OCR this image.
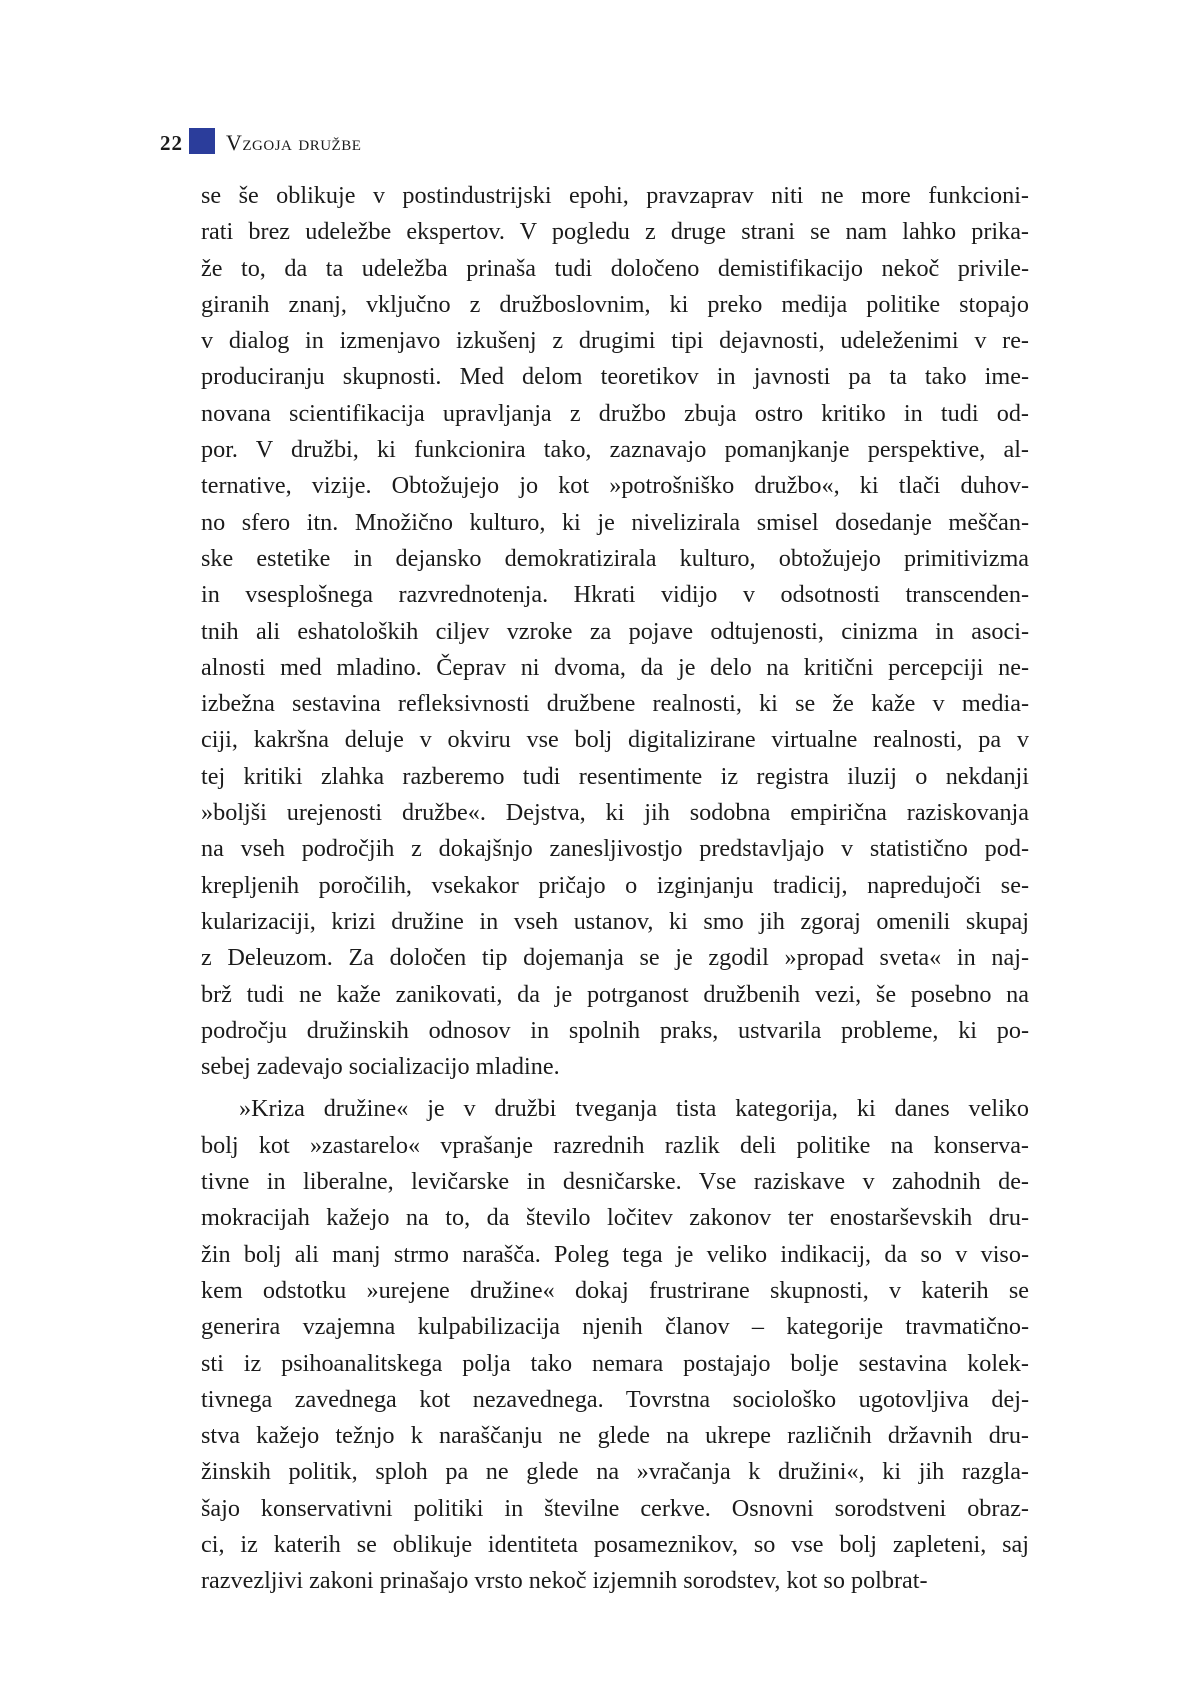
22 Vzgoja družbe

se še oblikuje v postindustrijski epohi, pravzaprav niti ne more funkcioni-
rati brez udeležbe ekspertov. V pogledu z druge strani se nam lahko prika-
že to, da ta udeležba prinaša tudi določeno demistifikacijo nekoč privile-
giranih znanj, vključno z družboslovnim, ki preko medija politike stopajo
v dialog in izmenjavo izkušenj z drugimi tipi dejavnosti, udeleženimi v re-
produciranju skupnosti. Med delom teoretikov in javnosti pa ta tako ime-
novana scientifikacija upravljanja z družbo zbuja ostro kritiko in tudi od-
por. V družbi, ki funkcionira tako, zaznavajo pomanjkanje perspektive, al-
ternative, vizije. Obtožujejo jo kot »potrošniško družbo«, ki tlači duhov-
no sfero itn. Množično kulturo, ki je nivelizirala smisel dosedanje meščan-
ske estetike in dejansko demokratizirala kulturo, obtožujejo primitivizma
in vsesplošnega razvrednotenja. Hkrati vidijo v odsotnosti transcenden-
tnih ali eshatoloških ciljev vzroke za pojave odtujenosti, cinizma in asoci-
alnosti med mladino. Čeprav ni dvoma, da je delo na kritični percepciji ne-
izbežna sestavina refleksivnosti družbene realnosti, ki se že kaže v media-
ciji, kakršna deluje v okviru vse bolj digitalizirane virtualne realnosti, pa v
tej kritiki zlahka razberemo tudi resentimente iz registra iluzij o nekdanji
»boljši urejenosti družbe«. Dejstva, ki jih sodobna empirična raziskovanja
na vseh področjih z dokajšnjo zanesljivostjo predstavljajo v statistično pod-
krepljenih poročilih, vsekakor pričajo o izginjanju tradicij, napredujoči se-
kularizaciji, krizi družine in vseh ustanov, ki smo jih zgoraj omenili skupaj
z Deleuzom. Za določen tip dojemanja se je zgodil »propad sveta« in naj-
brž tudi ne kaže zanikovati, da je potrganost družbenih vezi, še posebno na
področju družinskih odnosov in spolnih praks, ustvarila probleme, ki po-
sebej zadevajo socializacijo mladine.

»Kriza družine« je v družbi tveganja tista kategorija, ki danes veliko
bolj kot »zastarelo« vprašanje razrednih razlik deli politike na konserva-
tivne in liberalne, levičarske in desničarske. Vse raziskave v zahodnih de-
mokracijah kažejo na to, da število ločitev zakonov ter enostarševskih dru-
žin bolj ali manj strmo narašča. Poleg tega je veliko indikacij, da so v viso-
kem odstotku »urejene družine« dokaj frustrirane skupnosti, v katerih se
generira vzajemna kulpabilizacija njenih članov – kategorije travmatično-
sti iz psihoanalitskega polja tako nemara postajajo bolje sestavina kolek-
tivnega zavednega kot nezavednega. Tovrstna sociološko ugotovljiva dej-
stva kažejo težnjo k naraščanju ne glede na ukrepe različnih državnih dru-
žinskih politik, sploh pa ne glede na »vračanja k družini«, ki jih razgla-
šajo konservativni politiki in številne cerkve. Osnovni sorodstveni obraz-
ci, iz katerih se oblikuje identiteta posameznikov, so vse bolj zapleteni, saj
razvezljivi zakoni prinašajo vrsto nekoč izjemnih sorodstev, kot so polbrat-
